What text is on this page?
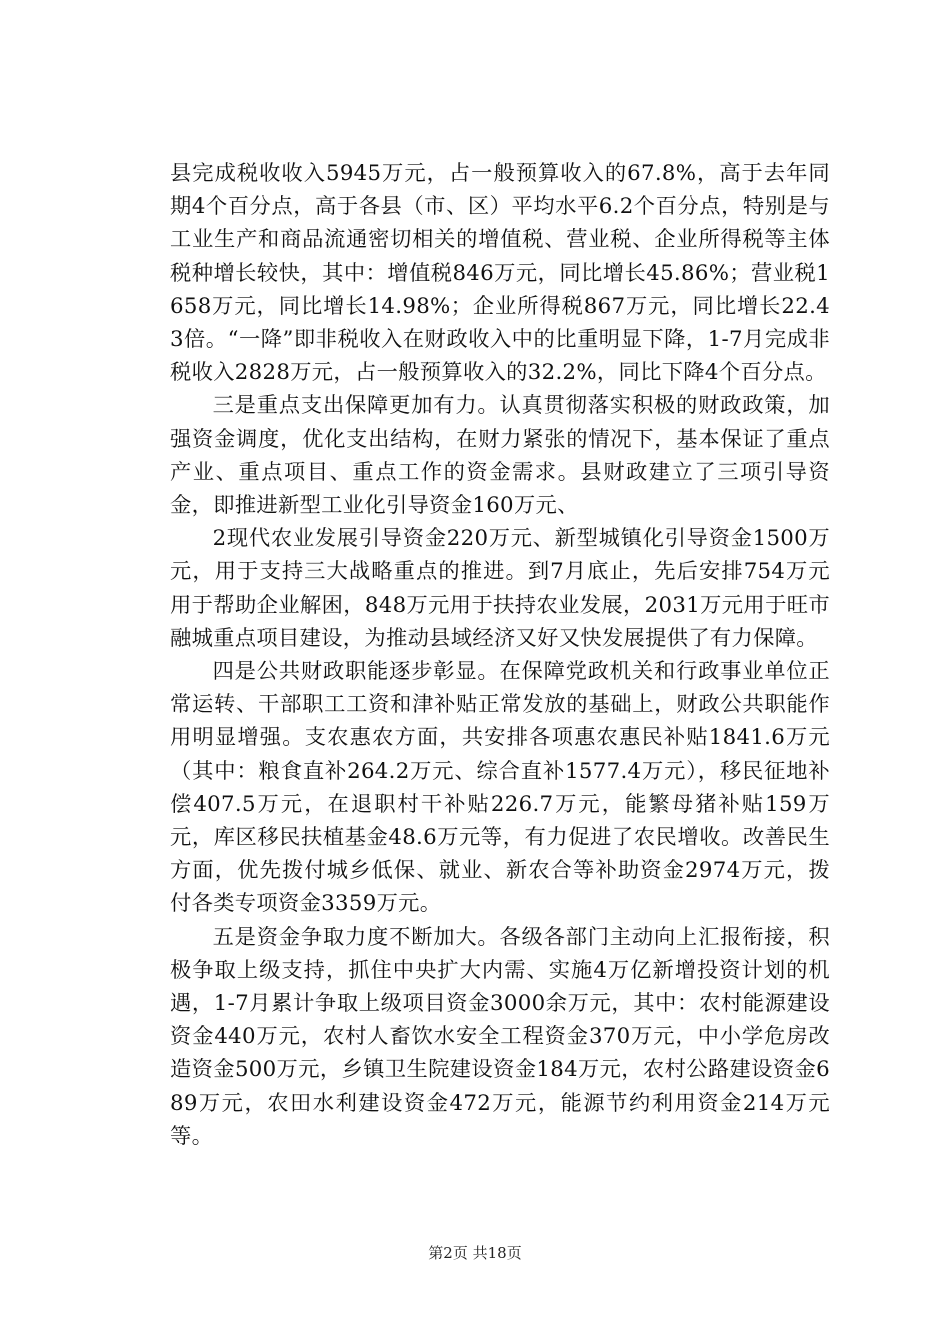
县完成税收收入5945万元，占一般预算收入的67.8%，高于去年同期4个百分点，高于各县（市、区）平均水平6.2个百分点，特别是与工业生产和商品流通密切相关的增值税、营业税、企业所得税等主体税种增长较快，其中：增值税846万元，同比增长45.86%；营业税1658万元，同比增长14.98%；企业所得税867万元，同比增长22.43倍。“一降”即非税收入在财政收入中的比重明显下降，1-7月完成非税收入2828万元，占一般预算收入的32.2%，同比下降4个百分点。

三是重点支出保障更加有力。认真贯彻落实积极的财政政策，加强资金调度，优化支出结构，在财力紧张的情况下，基本保证了重点产业、重点项目、重点工作的资金需求。县财政建立了三项引导资金，即推进新型工业化引导资金160万元、

2现代农业发展引导资金220万元、新型城镇化引导资金1500万元，用于支持三大战略重点的推进。到7月底止，先后安排754万元用于帮助企业解困，848万元用于扶持农业发展，2031万元用于旺市融城重点项目建设，为推动县域经济又好又快发展提供了有力保障。

四是公共财政职能逐步彰显。在保障党政机关和行政事业单位正常运转、干部职工工资和津补贴正常发放的基础上，财政公共职能作用明显增强。支农惠农方面，共安排各项惠农惠民补贴1841.6万元（其中：粮食直补264.2万元、综合直补1577.4万元），移民征地补偿407.5万元，在退职村干补贴226.7万元，能繁母猪补贴159万元，库区移民扶植基金48.6万元等，有力促进了农民增收。改善民生方面，优先拨付城乡低保、就业、新农合等补助资金2974万元，拨付各类专项资金3359万元。

五是资金争取力度不断加大。各级各部门主动向上汇报衔接，积极争取上级支持，抓住中央扩大内需、实施4万亿新增投资计划的机遇，1-7月累计争取上级项目资金3000余万元，其中：农村能源建设资金440万元，农村人畜饮水安全工程资金370万元，中小学危房改造资金500万元，乡镇卫生院建设资金184万元，农村公路建设资金689万元，农田水利建设资金472万元，能源节约利用资金214万元等。

第2页 共18页
